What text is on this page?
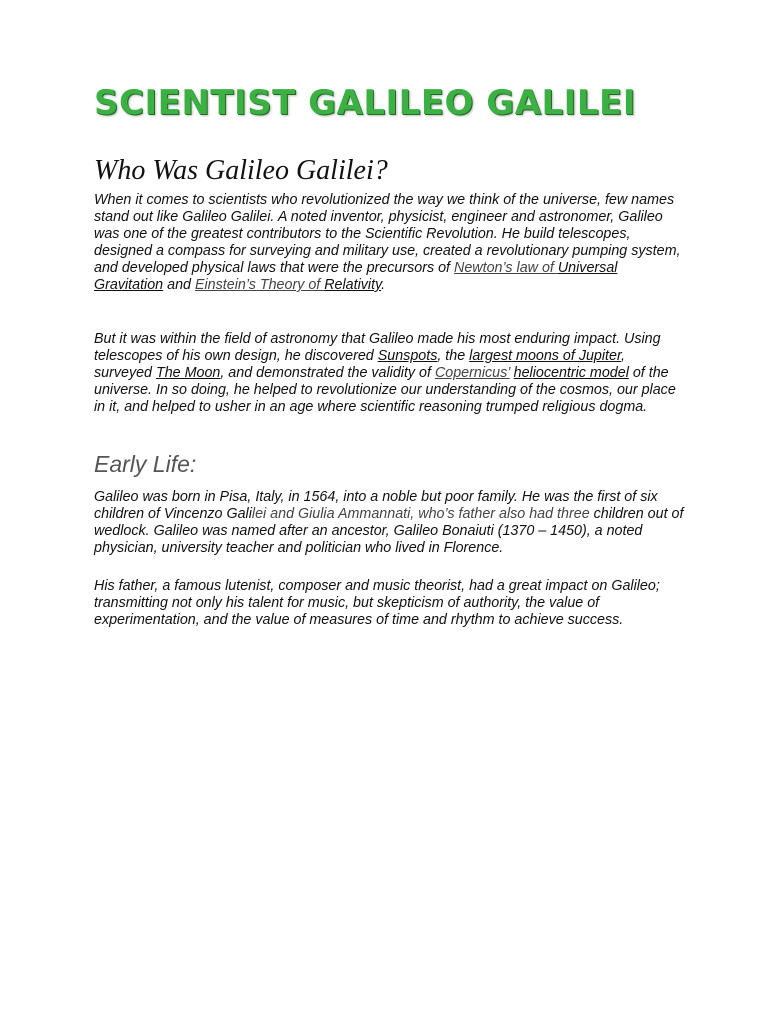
SCIENTIST GALILEO GALILEI
Who Was Galileo Galilei?

When it comes to scientists who revolutionized the way we think of the universe, few names stand out like Galileo Galilei. A noted inventor, physicist, engineer and astronomer, Galileo was one of the greatest contributors to the Scientific Revolution. He build telescopes, designed a compass for surveying and military use, created a revolutionary pumping system, and developed physical laws that were the precursors of Newton’s law of Universal Gravitation and Einstein’s Theory of Relativity.

But it was within the field of astronomy that Galileo made his most enduring impact. Using telescopes of his own design, he discovered Sunspots, the largest moons of Jupiter, surveyed The Moon, and demonstrated the validity of Copernicus’ heliocentric model of the universe. In so doing, he helped to revolutionize our understanding of the cosmos, our place in it, and helped to usher in an age where scientific reasoning trumped religious dogma.

Early Life:

Galileo was born in Pisa, Italy, in 1564, into a noble but poor family. He was the first of six children of Vincenzo Galilei and Giulia Ammannati, who’s father also had three children out of wedlock. Galileo was named after an ancestor, Galileo Bonaiuti (1370 – 1450), a noted physician, university teacher and politician who lived in Florence.

His father, a famous lutenist, composer and music theorist, had a great impact on Galileo; transmitting not only his talent for music, but skepticism of authority, the value of experimentation, and the value of measures of time and rhythm to achieve success.
